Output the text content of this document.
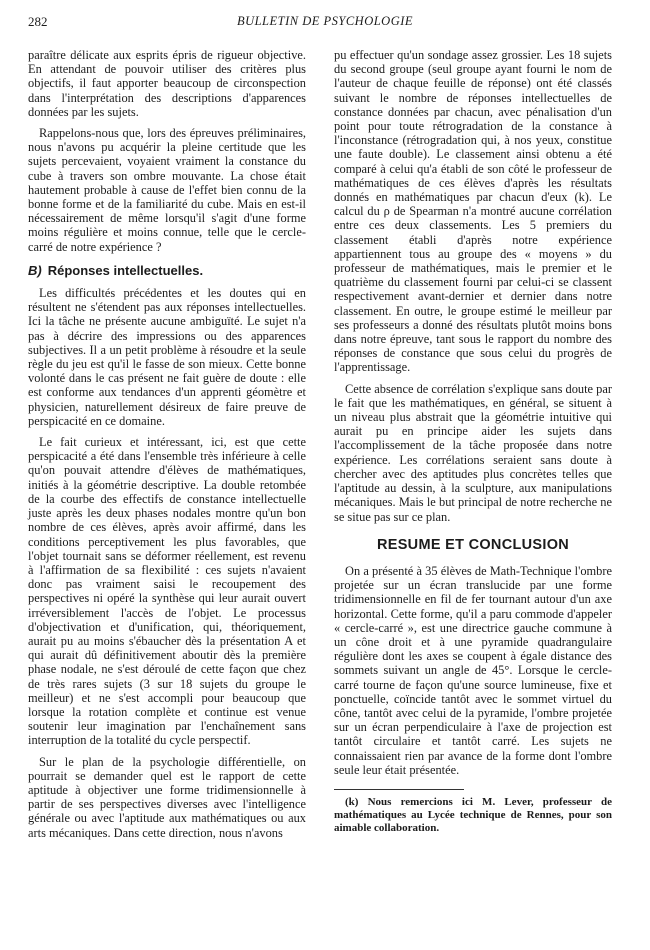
282	BULLETIN DE PSYCHOLOGIE

paraître délicate aux esprits épris de rigueur objective. En attendant de pouvoir utiliser des critères plus objectifs, il faut apporter beaucoup de circonspection dans l'interprétation des descriptions d'apparences données par les sujets.

Rappelons-nous que, lors des épreuves préliminaires, nous n'avons pu acquérir la pleine certitude que les sujets percevaient, voyaient vraiment la constance du cube à travers son ombre mouvante. La chose était hautement probable à cause de l'effet bien connu de la bonne forme et de la familiarité du cube. Mais en est-il nécessairement de même lorsqu'il s'agit d'une forme moins régulière et moins connue, telle que le cercle-carré de notre expérience ?

B) Réponses intellectuelles.

Les difficultés précédentes et les doutes qui en résultent ne s'étendent pas aux réponses intellectuelles. Ici la tâche ne présente aucune ambiguïté. Le sujet n'a pas à décrire des impressions ou des apparences subjectives. Il a un petit problème à résoudre et la seule règle du jeu est qu'il le fasse de son mieux. Cette bonne volonté dans le cas présent ne fait guère de doute : elle est conforme aux tendances d'un apprenti géomètre et physicien, naturellement désireux de faire preuve de perspicacité en ce domaine.

Le fait curieux et intéressant, ici, est que cette perspicacité a été dans l'ensemble très inférieure à celle qu'on pouvait attendre d'élèves de mathématiques, initiés à la géométrie descriptive. La double retombée de la courbe des effectifs de constance intellectuelle juste après les deux phases nodales montre qu'un bon nombre de ces élèves, après avoir affirmé, dans les conditions perceptivement les plus favorables, que l'objet tournait sans se déformer réellement, est revenu à l'affirmation de sa flexibilité : ces sujets n'avaient donc pas vraiment saisi le recoupement des perspectives ni opéré la synthèse qui leur aurait ouvert irréversiblement l'accès de l'objet. Le processus d'objectivation et d'unification, qui, théoriquement, aurait pu au moins s'ébaucher dès la présentation A et qui aurait dû définitivement aboutir dès la première phase nodale, ne s'est déroulé de cette façon que chez de très rares sujets (3 sur 18 sujets du groupe le meilleur) et ne s'est accompli pour beaucoup que lorsque la rotation complète et continue est venue soutenir leur imagination par l'enchaînement sans interruption de la totalité du cycle perspectif.

Sur le plan de la psychologie différentielle, on pourrait se demander quel est le rapport de cette aptitude à objectiver une forme tridimensionnelle à partir de ses perspectives diverses avec l'intelligence générale ou avec l'aptitude aux mathématiques ou aux arts mécaniques. Dans cette direction, nous n'avons

pu effectuer qu'un sondage assez grossier. Les 18 sujets du second groupe (seul groupe ayant fourni le nom de l'auteur de chaque feuille de réponse) ont été classés suivant le nombre de réponses intellectuelles de constance données par chacun, avec pénalisation d'un point pour toute rétrogradation de la constance à l'inconstance (rétrogradation qui, à nos yeux, constitue une faute double). Le classement ainsi obtenu a été comparé à celui qu'a établi de son côté le professeur de mathématiques de ces élèves d'après les résultats donnés en mathématiques par chacun d'eux (k). Le calcul du ρ de Spearman n'a montré aucune corrélation entre ces deux classements. Les 5 premiers du classement établi d'après notre expérience appartiennent tous au groupe des « moyens » du professeur de mathématiques, mais le premier et le quatrième du classement fourni par celui-ci se classent respectivement avant-dernier et dernier dans notre classement. En outre, le groupe estimé le meilleur par ses professeurs a donné des résultats plutôt moins bons dans notre épreuve, tant sous le rapport du nombre des réponses de constance que sous celui du progrès de l'apprentissage.

Cette absence de corrélation s'explique sans doute par le fait que les mathématiques, en général, se situent à un niveau plus abstrait que la géométrie intuitive qui aurait pu en principe aider les sujets dans l'accomplissement de la tâche proposée dans notre expérience. Les corrélations seraient sans doute à chercher avec des aptitudes plus concrètes telles que l'aptitude au dessin, à la sculpture, aux manipulations mécaniques. Mais le but principal de notre recherche ne se situe pas sur ce plan.

RESUME ET CONCLUSION

On a présenté à 35 élèves de Math-Technique l'ombre projetée sur un écran translucide par une forme tridimensionnelle en fil de fer tournant autour d'un axe horizontal. Cette forme, qu'il a paru commode d'appeler « cercle-carré », est une directrice gauche commune à un cône droit et à une pyramide quadrangulaire régulière dont les axes se coupent à égale distance des sommets suivant un angle de 45°. Lorsque le cercle-carré tourne de façon qu'une source lumineuse, fixe et ponctuelle, coïncide tantôt avec le sommet virtuel du cône, tantôt avec celui de la pyramide, l'ombre projetée sur un écran perpendiculaire à l'axe de projection est tantôt circulaire et tantôt carré. Les sujets ne connaissaient rien par avance de la forme dont l'ombre seule leur était présentée.

(k) Nous remercions ici M. Lever, professeur de mathématiques au Lycée technique de Rennes, pour son aimable collaboration.
